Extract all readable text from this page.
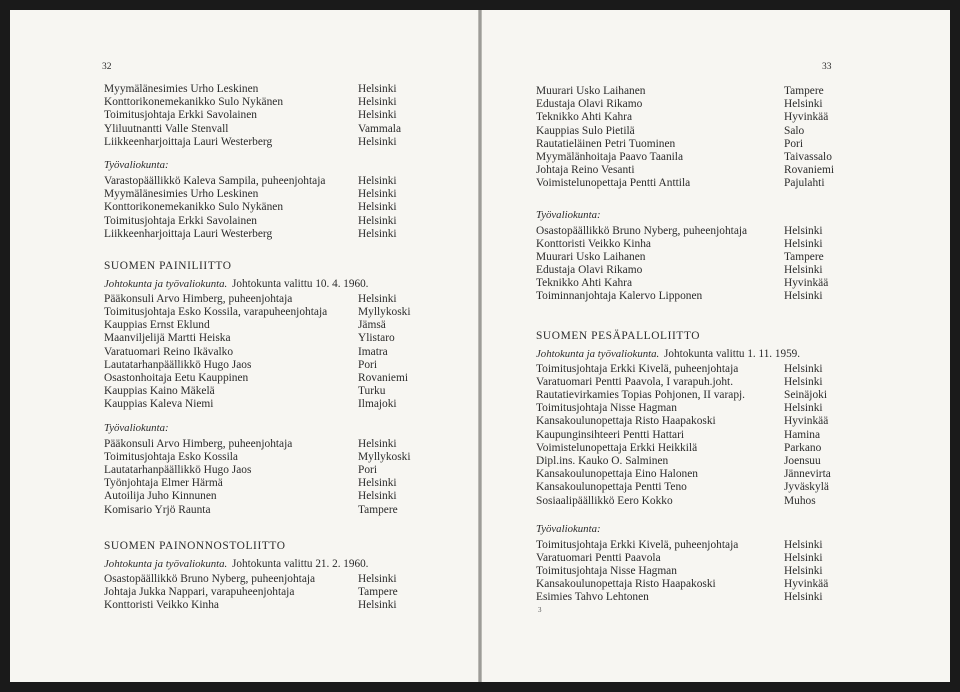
32
Myymälänesimies Urho Leskinen	Helsinki
Konttorikonemekanikko Sulo Nykänen	Helsinki
Toimitusjohtaja Erkki Savolainen	Helsinki
Yliluutnantti Valle Stenvall	Vammala
Liikkeenharjoittaja Lauri Westerberg	Helsinki
Työvaliokunta:
Varastopäällikkö Kaleva Sampila, puheenjohtaja	Helsinki
Myymälänesimies Urho Leskinen	Helsinki
Konttorikonemekanikko Sulo Nykänen	Helsinki
Toimitusjohtaja Erkki Savolainen	Helsinki
Liikkeenharjoittaja Lauri Westerberg	Helsinki
SUOMEN PAINILIITTO
Johtokunta ja työvaliokunta. Johtokunta valittu 10. 4. 1960.
Pääkonsuli Arvo Himberg, puheenjohtaja	Helsinki
Toimitusjohtaja Esko Kossila, varapuheenjohtaja	Myllykoski
Kauppias Ernst Eklund	Jämsä
Maanviljelijä Martti Heiska	Ylistaro
Varatuomari Reino Ikävalko	Imatra
Lautatarhanpäällikkö Hugo Jaos	Pori
Osastonhoitaja Eetu Kauppinen	Rovaniemi
Kauppias Kaino Mäkelä	Turku
Kauppias Kaleva Niemi	Ilmajoki
Työvaliokunta:
Pääkonsuli Arvo Himberg, puheenjohtaja	Helsinki
Toimitusjohtaja Esko Kossila	Myllykoski
Lautatarhanpäällikkö Hugo Jaos	Pori
Työnjohtaja Elmer Härmä	Helsinki
Autoilija Juho Kinnunen	Helsinki
Komisario Yrjö Raunta	Tampere
SUOMEN PAINONNOSTOLIITTO
Johtokunta ja työvaliokunta. Johtokunta valittu 21. 2. 1960.
Osastopäällikkö Bruno Nyberg, puheenjohtaja	Helsinki
Johtaja Jukka Nappari, varapuheenjohtaja	Tampere
Konttoristi Veikko Kinha	Helsinki
33
Muurari Usko Laihanen	Tampere
Edustaja Olavi Rikamo	Helsinki
Teknikko Ahti Kahra	Hyvinkää
Kauppias Sulo Pietilä	Salo
Rautatieläinen Petri Tuominen	Pori
Myymälänhoitaja Paavo Taanila	Taivassalo
Johtaja Reino Vesanti	Rovaniemi
Voimistelunopettaja Pentti Anttila	Pajulahti
Työvaliokunta:
Osastopäällikkö Bruno Nyberg, puheenjohtaja	Helsinki
Konttoristi Veikko Kinha	Helsinki
Muurari Usko Laihanen	Tampere
Edustaja Olavi Rikamo	Helsinki
Teknikko Ahti Kahra	Hyvinkää
Toiminnanjohtaja Kalervo Lipponen	Helsinki
SUOMEN PESÄPALLOLIITTO
Johtokunta ja työvaliokunta. Johtokunta valittu 1. 11. 1959.
Toimitusjohtaja Erkki Kivelä, puheenjohtaja	Helsinki
Varatuomari Pentti Paavola, I varapuh.joht.	Helsinki
Rautatievirkamies Topias Pohjonen, II varapj.	Seinäjoki
Toimitusjohtaja Nisse Hagman	Helsinki
Kansakoulunopettaja Risto Haapakoski	Hyvinkää
Kaupunginsihteeri Pentti Hattari	Hamina
Voimistelunopettaja Erkki Heikkilä	Parkano
Dipl.ins. Kauko O. Salminen	Joensuu
Kansakoulunopettaja Eino Halonen	Jännevirta
Kansakoulunopettaja Pentti Teno	Jyväskylä
Sosiaalipäällikkö Eero Kokko	Muhos
Työvaliokunta:
Toimitusjohtaja Erkki Kivelä, puheenjohtaja	Helsinki
Varatuomari Pentti Paavola	Helsinki
Toimitusjohtaja Nisse Hagman	Helsinki
Kansakoulunopettaja Risto Haapakoski	Hyvinkää
Esimies Tahvo Lehtonen	Helsinki
3
